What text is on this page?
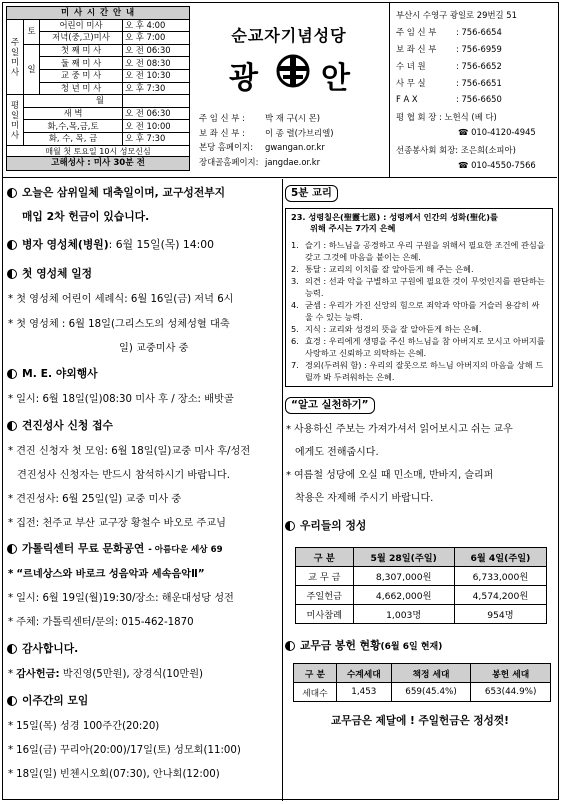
미 사 시 간 안 내			
주 일 미 사	토	어린이 미사	오 후 4:00
		저녁(중,고)미사	오 후 7:00
	일	첫 째 미 사	오 전 06:30
		둘 째 미 사	오 전 08:30
		교 중 미 사	오 전 10:30
		청 년 미 사	오 후 7:30
평 일 미 사	월		
	새 벽		오 전 06:30
	화,수,목,금,토		오 전 10:00
	화, 수, 목, 금		오 후 7:30
매월 첫 토요일 10시 성모신심			
고해성사 : 미사 30분 전
순교자기념성당
광 안
주 임 신 부 : 박 재 구(시 몬)
보 좌 신 부 : 이 종 렬(가브리엘)
본당 홈페이지: gwangan.or.kr
장대골홈페이지: jangdae.or.kr
부산시 수영구 광일로 29번길 51
주 임 신 부 : 756-6654
보 좌 신 부 : 756-6959
수 녀 원	: 756-6652
사 무 실	: 756-6651
F A X	: 756-6650
평 협 회 장 : 노헌식 (베 다)
☎ 010-4120-4945
선종봉사회 회장: 조은희(소피아)
☎ 010-4550-7566
오늘은 삼위일체 대축일이며, 교구성전부지
매입 2차 헌금이 있습니다.
병자 영성체(병원) : 6월 15일(목) 14:00
첫 영성체 일정
* 첫 영성체 어린이 세례식: 6월 16일(금) 저녁 6시
* 첫 영성체 : 6월 18일(그리스도의 성체성혈 대축
일) 교중미사 중
M. E. 야외행사
* 일시: 6월 18일(일)08:30 미사 후 / 장소: 배밧골
견진성사 신청 접수
* 견진 신청자 첫 모임: 6월 18일(일)교중 미사 후/성전
견진성사 신청자는 반드시 참석하시기 바랍니다.
* 견진성사: 6월 25일(일) 교중 미사 중
* 집전: 천주교 부산 교구장 황철수 바오로 주교님
가톨릭센터 무료 문화공연 - 아름다운 세상 69
* “르네상스와 바로크 성음악과 세속음악Ⅱ”
* 일시: 6월 19일(월)19:30/장소: 해운대성당 성전
* 주체: 가톨릭센터/문의: 015-462-1870
감사합니다.
* 감사헌금: 박진영(5만원), 장경식(10만원)
이주간의 모임
* 15일(목) 성경 100주간(20:20)
* 16일(금) 꾸리아(20:00)/17일(토) 성모회(11:00)
* 18일(일) 빈첸시오회(07:30), 안나회(12:00)
5분 교리
23. 성령칠은(聖靈七恩) : 성령께서 인간의 성화(聖化)를
위해 주시는 7가지 은혜
1. 슬기 : 하느님을 공경하고 우리 구원을 위해서 필요한 조건에 관심을 갖고 그것에 마음을 붙이는 은혜.
2. 통달 : 교리의 이치를 잘 알아듣게 해 주는 은혜.
3. 의견 : 선과 악을 구별하고 구원에 필요한 것이 무엇인지를 판단하는 능력.
4. 굳셈 : 우리가 가진 신앙의 힘으로 죄악과 악마를 거슬러 용감히 싸울 수 있는 능력.
5. 지식 : 교리와 성경의 뜻을 잘 알아듣게 하는 은혜.
6. 효경 : 우리에게 생명을 주신 하느님을 참 아버지로 모시고 아버지를 사랑하고 신뢰하고 의탁하는 은혜.
7. 경외(두려워 함) : 우리의 잘못으로 하느님 아버지의 마음을 상해 드릴까 봐 두려워하는 은혜.
“알고 실천하기”
* 사용하신 주보는 가져가셔서 읽어보시고 쉬는 교우
에게도 전해줍시다.
* 여름철 성당에 오실 때 민소매, 반바지, 슬리퍼
착용은 자제해 주시기 바랍니다.
우리들의 정성
구 분	5월 28일(주일)	6월 4일(주일)
교 무 금	8,307,000원	6,733,000원
주일헌금	4,662,000원	4,574,200원
미사참례	1,003명	954명
교무금 봉헌 현황 (6월 6일 현재)
구 분	수계세대	책정 세대	봉헌 세대
세대수	1,453	659(45.4%)	653(44.9%)
교무금은 제달에 ! 주일헌금은 정성껏!
